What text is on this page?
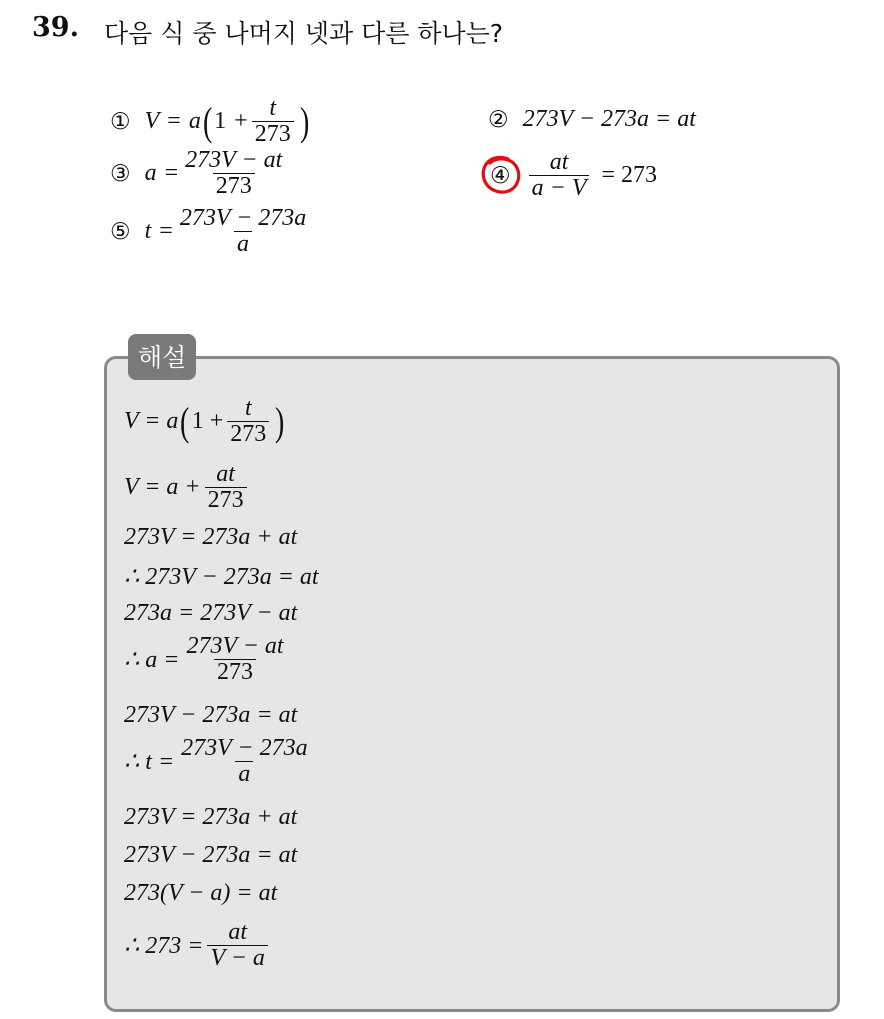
39. 다음 식 중 나머지 넷과 다른 하나는?
① V = a ( $1 + \frac{t}{273}$ )	② 273V − 273a = at
③ $a = \frac{273V - at}{273}$	④ $\frac{at}{a - V} = 273$
⑤ $t = \frac{273V - 273a}{a}$
해설
V = a ( $1 + \frac{t}{273}$ )
$V = a + \frac{at}{273}$
273V = 273a + at
∴ 273V − 273a = at
273a = 273V − at
∴ $a = \frac{273V - at}{273}$
273V − 273a = at
∴ $t = \frac{273V - 273a}{a}$
273V = 273a + at
273V − 273a = at
273(V − a) = at
∴ $273 = \frac{at}{V - a}$
